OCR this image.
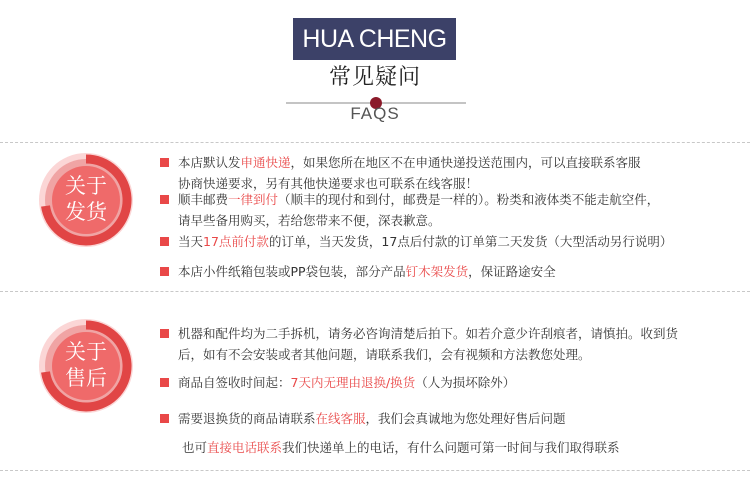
HUA CHENG
常见疑问
FAQS
关于
发货
本店默认发申通快递，如果您所在地区不在申通快递投送范围内，可以直接联系客服
协商快递要求，另有其他快递要求也可联系在线客服！
顺丰邮费一律到付（顺丰的现付和到付，邮费是一样的）。粉类和液体类不能走航空件，
请早些备用购买，若给您带来不便，深表歉意。
当天17点前付款的订单，当天发货，17点后付款的订单第二天发货（大型活动另行说明）
本店小件纸箱包装或PP袋包装，部分产品钉木架发货，保证路途安全
关于
售后
机器和配件均为二手拆机，请务必咨询清楚后拍下。如若介意少许刮痕者，请慎拍。收到货
后，如有不会安装或者其他问题，请联系我们，会有视频和方法教您处理。
商品自签收时间起：7天内无理由退换/换货（人为损坏除外）
需要退换货的商品请联系在线客服，我们会真诚地为您处理好售后问题
也可直接电话联系我们快递单上的电话，有什么问题可第一时间与我们取得联系
